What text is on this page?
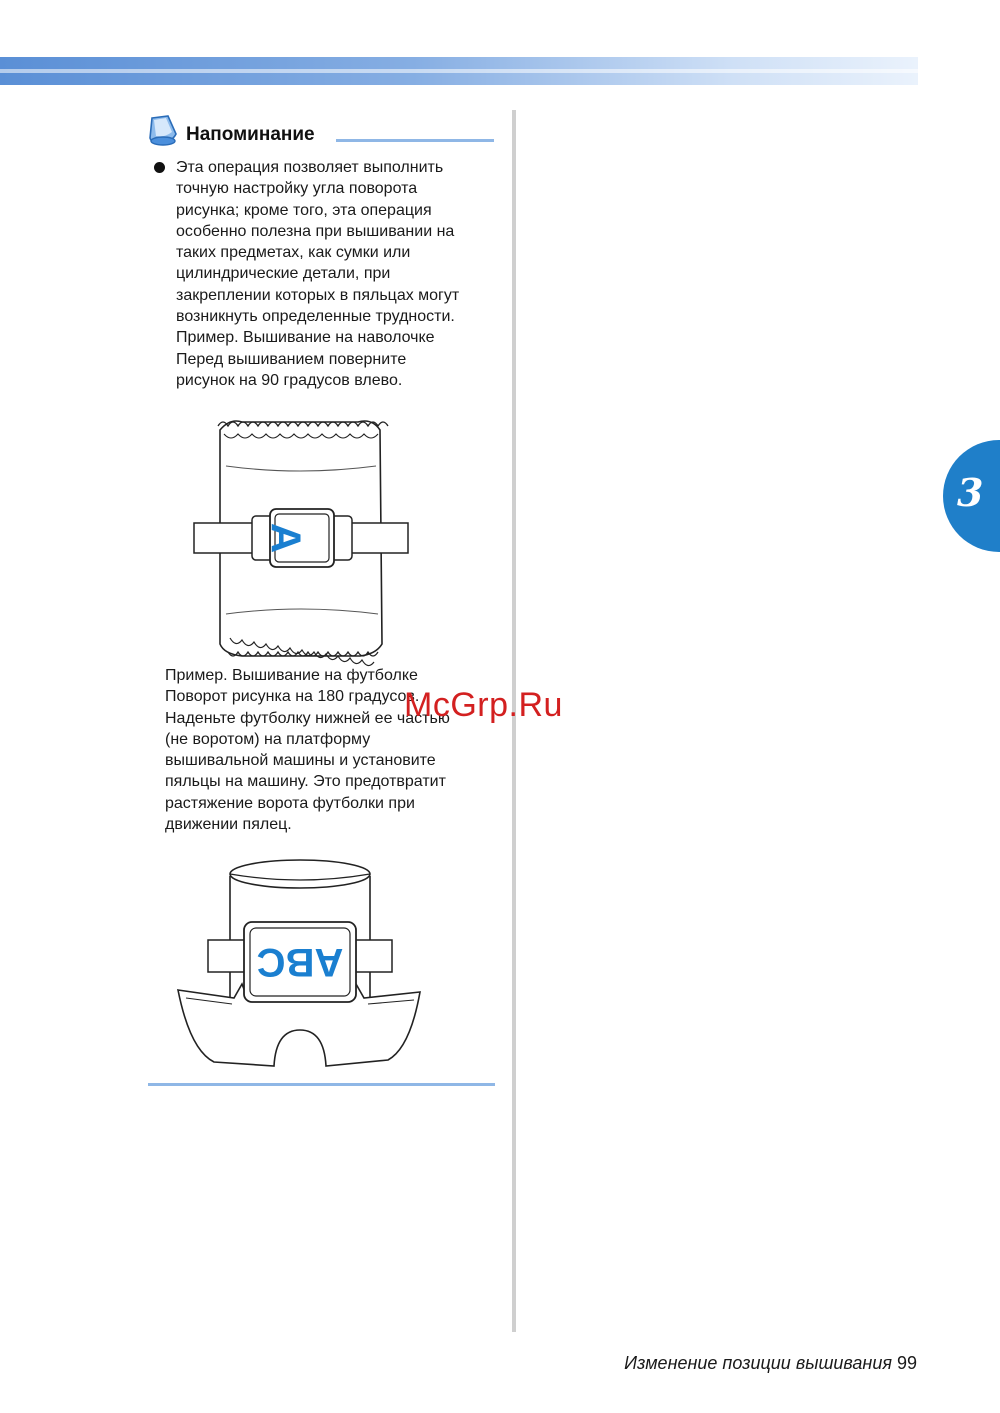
3
Напоминание
Эта операция позволяет выполнить
точную настройку угла поворота
рисунка; кроме того, эта операция
особенно полезна при вышивании на
таких предметах, как сумки или
цилиндрические детали, при
закреплении которых в пяльцах могут
возникнуть определенные трудности.
Пример. Вышивание на наволочке
Перед вышиванием поверните
рисунок на 90 градусов влево.
A
Пример. Вышивание на футболке
Поворот рисунка на 180 градусов.
Наденьте футболку нижней ее частью
(не воротом) на платформу
вышивальной машины и установите
пяльцы на машину. Это предотвратит
растяжение ворота футболки при
движении пялец.
ABC
McGrp.Ru
Изменение позиции вышивания 99
